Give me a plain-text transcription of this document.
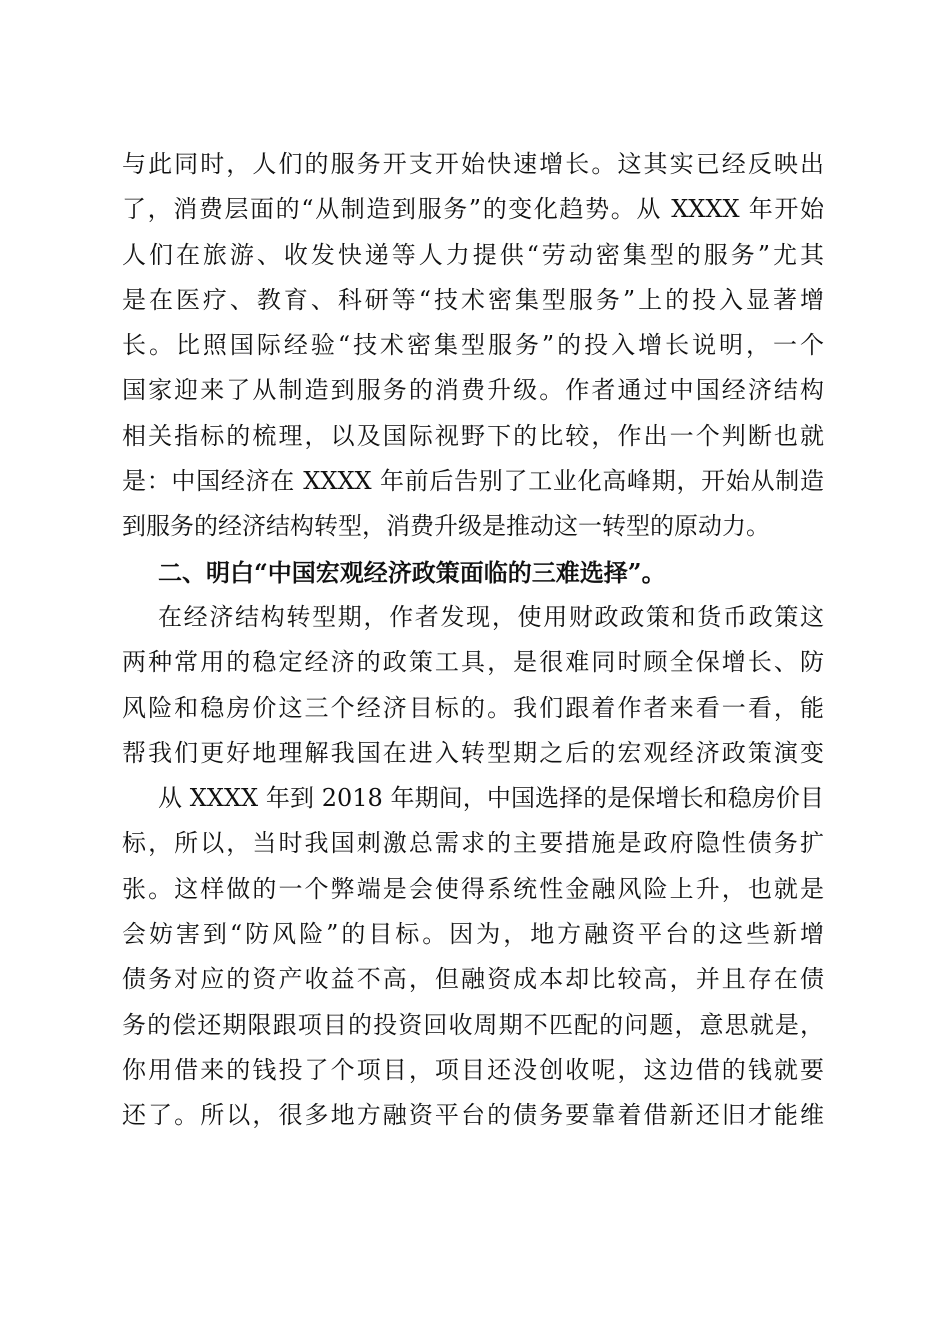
与此同时，人们的服务开支开始快速增长。这其实已经反映出
了，消费层面的“从制造到服务”的变化趋势。从 XXXX 年开始
人们在旅游、收发快递等人力提供“劳动密集型的服务”尤其
是在医疗、教育、科研等“技术密集型服务”上的投入显著增
长。比照国际经验“技术密集型服务”的投入增长说明，一个
国家迎来了从制造到服务的消费升级。作者通过中国经济结构
相关指标的梳理，以及国际视野下的比较，作出一个判断也就
是：中国经济在 XXXX 年前后告别了工业化高峰期，开始从制造
到服务的经济结构转型，消费升级是推动这一转型的原动力。
二、明白“中国宏观经济政策面临的三难选择”。
在经济结构转型期，作者发现，使用财政政策和货币政策这
两种常用的稳定经济的政策工具，是很难同时顾全保增长、防
风险和稳房价这三个经济目标的。我们跟着作者来看一看，能
帮我们更好地理解我国在进入转型期之后的宏观经济政策演变
从 XXXX 年到 2018 年期间，中国选择的是保增长和稳房价目
标，所以，当时我国刺激总需求的主要措施是政府隐性债务扩
张。这样做的一个弊端是会使得系统性金融风险上升，也就是
会妨害到“防风险”的目标。因为，地方融资平台的这些新增
债务对应的资产收益不高，但融资成本却比较高，并且存在债
务的偿还期限跟项目的投资回收周期不匹配的问题，意思就是，
你用借来的钱投了个项目，项目还没创收呢，这边借的钱就要
还了。所以，很多地方融资平台的债务要靠着借新还旧才能维
